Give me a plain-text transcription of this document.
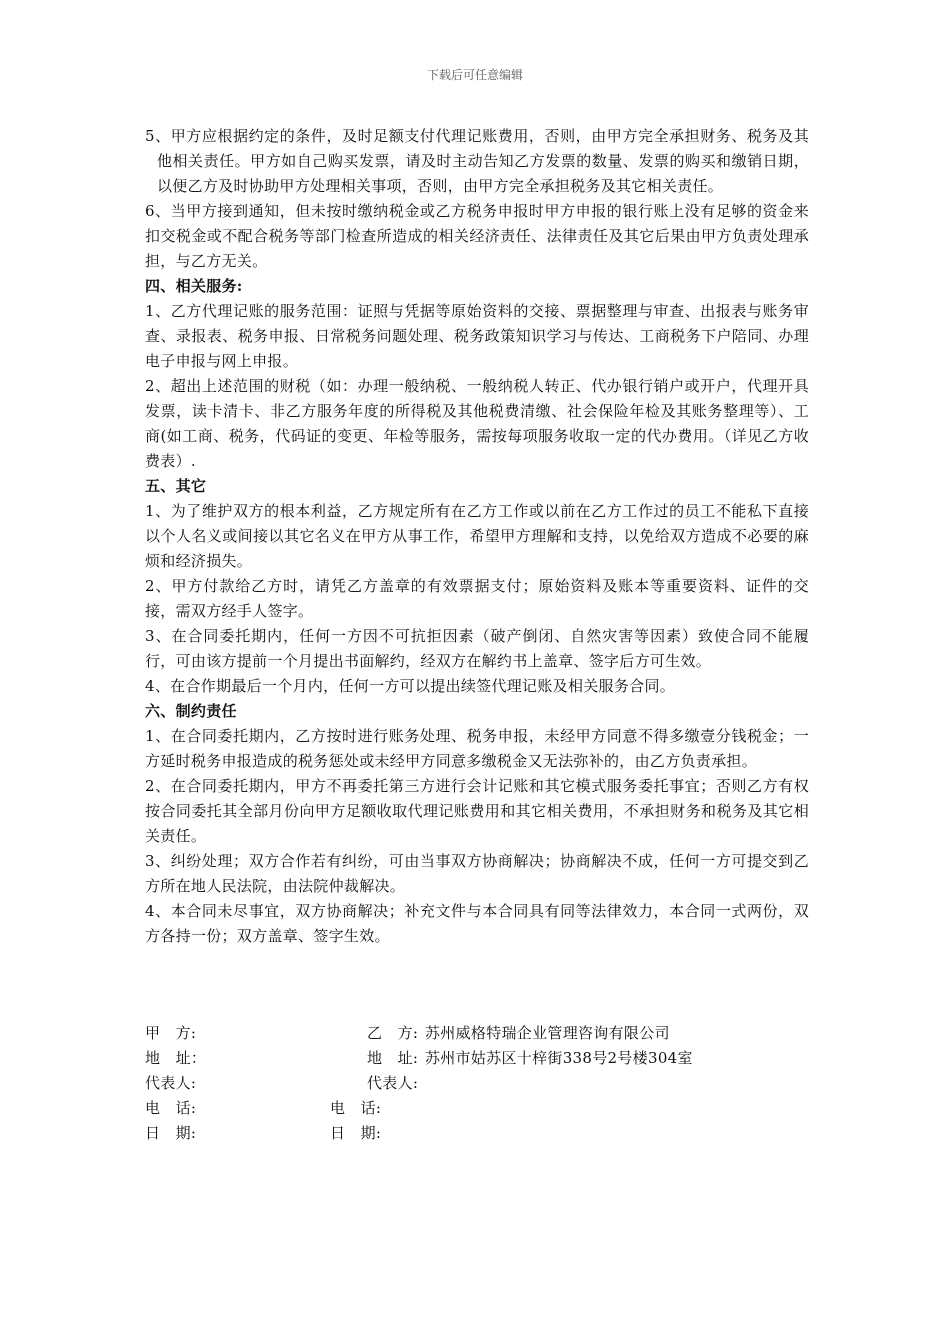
下载后可任意编辑

5、甲方应根据约定的条件，及时足额支付代理记账费用，否则，由甲方完全承担财务、税务及其他相关责任。甲方如自己购买发票，请及时主动告知乙方发票的数量、发票的购买和缴销日期，以便乙方及时协助甲方处理相关事项，否则，由甲方完全承担税务及其它相关责任。

6、当甲方接到通知，但未按时缴纳税金或乙方税务申报时甲方申报的银行账上没有足够的资金来扣交税金或不配合税务等部门检查所造成的相关经济责任、法律责任及其它后果由甲方负责处理承担，与乙方无关。

四、相关服务:

1、乙方代理记账的服务范围：证照与凭据等原始资料的交接、票据整理与审查、出报表与账务审查、录报表、税务申报、日常税务问题处理、税务政策知识学习与传达、工商税务下户陪同、办理电子申报与网上申报。

2、超出上述范围的财税（如：办理一般纳税、一般纳税人转正、代办银行销户或开户，代理开具发票，读卡清卡、非乙方服务年度的所得税及其他税费清缴、社会保险年检及其账务整理等）、工商(如工商、税务，代码证的变更、年检等服务，需按每项服务收取一定的代办费用。（详见乙方收费表）.

五、其它

1、为了维护双方的根本利益，乙方规定所有在乙方工作或以前在乙方工作过的员工不能私下直接以个人名义或间接以其它名义在甲方从事工作，希望甲方理解和支持，以免给双方造成不必要的麻烦和经济损失。

2、甲方付款给乙方时，请凭乙方盖章的有效票据支付；原始资料及账本等重要资料、证件的交接，需双方经手人签字。

3、在合同委托期内，任何一方因不可抗拒因素（破产倒闭、自然灾害等因素）致使合同不能履行，可由该方提前一个月提出书面解约，经双方在解约书上盖章、签字后方可生效。

4、在合作期最后一个月内，任何一方可以提出续签代理记账及相关服务合同。

六、制约责任

1、在合同委托期内，乙方按时进行账务处理、税务申报，未经甲方同意不得多缴壹分钱税金；一方延时税务申报造成的税务惩处或未经甲方同意多缴税金又无法弥补的，由乙方负责承担。

2、在合同委托期内，甲方不再委托第三方进行会计记账和其它模式服务委托事宜；否则乙方有权按合同委托其全部月份向甲方足额收取代理记账费用和其它相关费用，不承担财务和税务及其它相关责任。

3、纠纷处理；双方合作若有纠纷，可由当事双方协商解决；协商解决不成，任何一方可提交到乙方所在地人民法院，由法院仲裁解决。

4、本合同未尽事宜，双方协商解决；补充文件与本合同具有同等法律效力，本合同一式两份，双方各持一份；双方盖章、签字生效。

甲　方:	乙　方: 苏州威格特瑞企业管理咨询有限公司
地　址：	地　址: 苏州市姑苏区十梓街338号2号楼304室
代表人:	代表人:
电　话:	电　话:
日　期:	日　期:
